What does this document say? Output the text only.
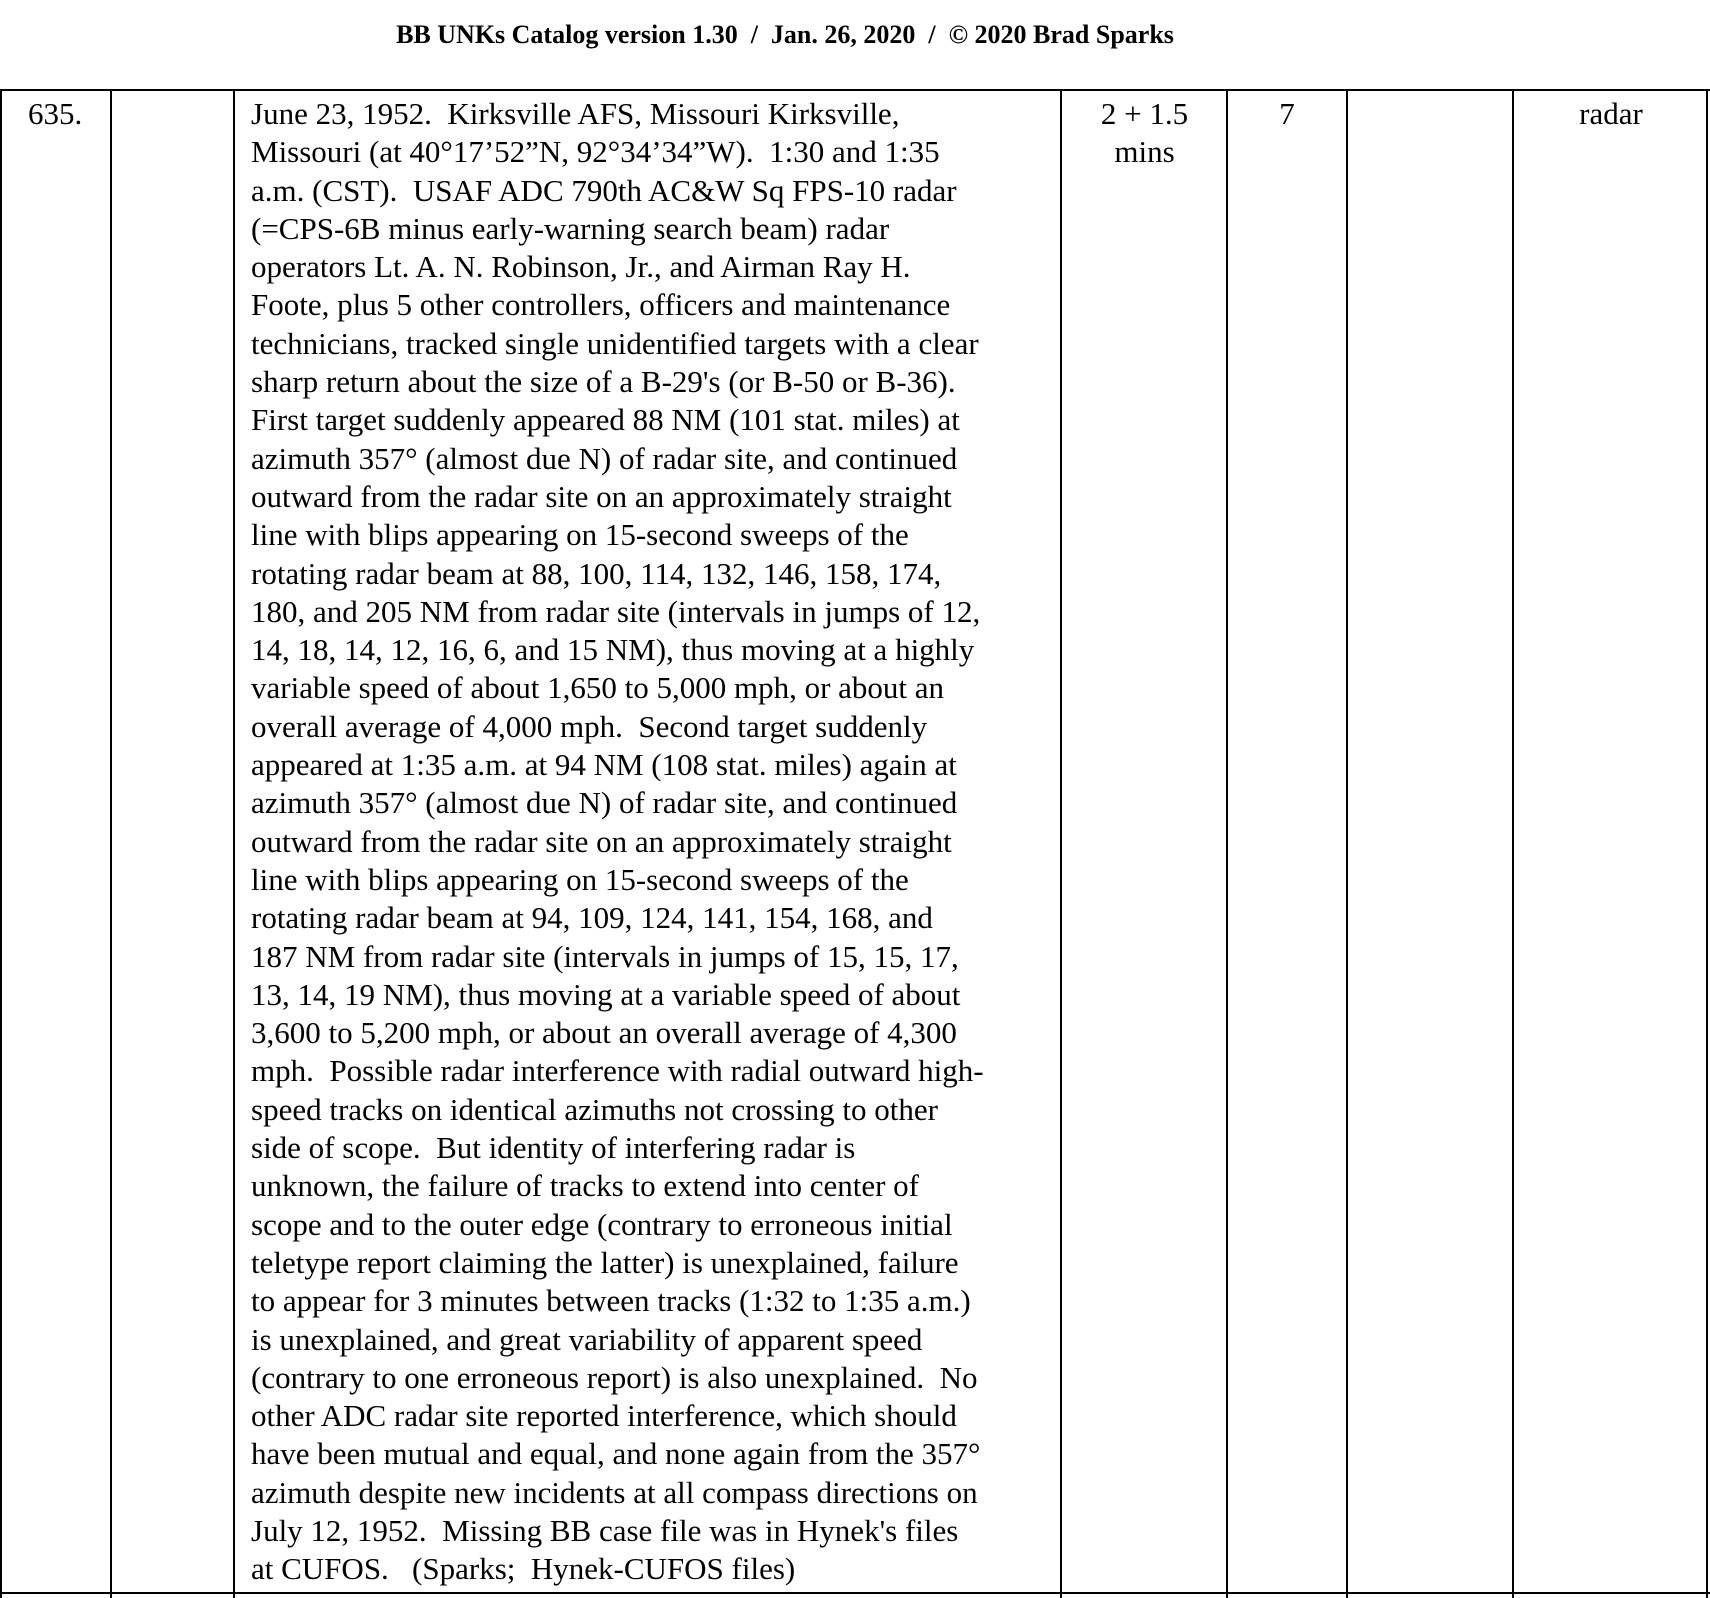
BB UNKs Catalog version 1.30  /  Jan. 26, 2020  /  © 2020 Brad Sparks
635.	June 23, 1952.  Kirksville AFS, Missouri Kirksville,
Missouri (at 40°17’52”N, 92°34’34”W).  1:30 and 1:35
a.m. (CST).  USAF ADC 790th AC&W Sq FPS-10 radar
(=CPS-6B minus early-warning search beam) radar
operators Lt. A. N. Robinson, Jr., and Airman Ray H.
Foote, plus 5 other controllers, officers and maintenance
technicians, tracked single unidentified targets with a clear
sharp return about the size of a B-29's (or B-50 or B-36).
First target suddenly appeared 88 NM (101 stat. miles) at
azimuth 357° (almost due N) of radar site, and continued
outward from the radar site on an approximately straight
line with blips appearing on 15-second sweeps of the
rotating radar beam at 88, 100, 114, 132, 146, 158, 174,
180, and 205 NM from radar site (intervals in jumps of 12,
14, 18, 14, 12, 16, 6, and 15 NM), thus moving at a highly
variable speed of about 1,650 to 5,000 mph, or about an
overall average of 4,000 mph.  Second target suddenly
appeared at 1:35 a.m. at 94 NM (108 stat. miles) again at
azimuth 357° (almost due N) of radar site, and continued
outward from the radar site on an approximately straight
line with blips appearing on 15-second sweeps of the
rotating radar beam at 94, 109, 124, 141, 154, 168, and
187 NM from radar site (intervals in jumps of 15, 15, 17,
13, 14, 19 NM), thus moving at a variable speed of about
3,600 to 5,200 mph, or about an overall average of 4,300
mph.  Possible radar interference with radial outward high-
speed tracks on identical azimuths not crossing to other
side of scope.  But identity of interfering radar is
unknown, the failure of tracks to extend into center of
scope and to the outer edge (contrary to erroneous initial
teletype report claiming the latter) is unexplained, failure
to appear for 3 minutes between tracks (1:32 to 1:35 a.m.)
is unexplained, and great variability of apparent speed
(contrary to one erroneous report) is also unexplained.  No
other ADC radar site reported interference, which should
have been mutual and equal, and none again from the 357°
azimuth despite new incidents at all compass directions on
July 12, 1952.  Missing BB case file was in Hynek's files
at CUFOS.   (Sparks;  Hynek-CUFOS files)
2 + 1.5
mins
7	radar
